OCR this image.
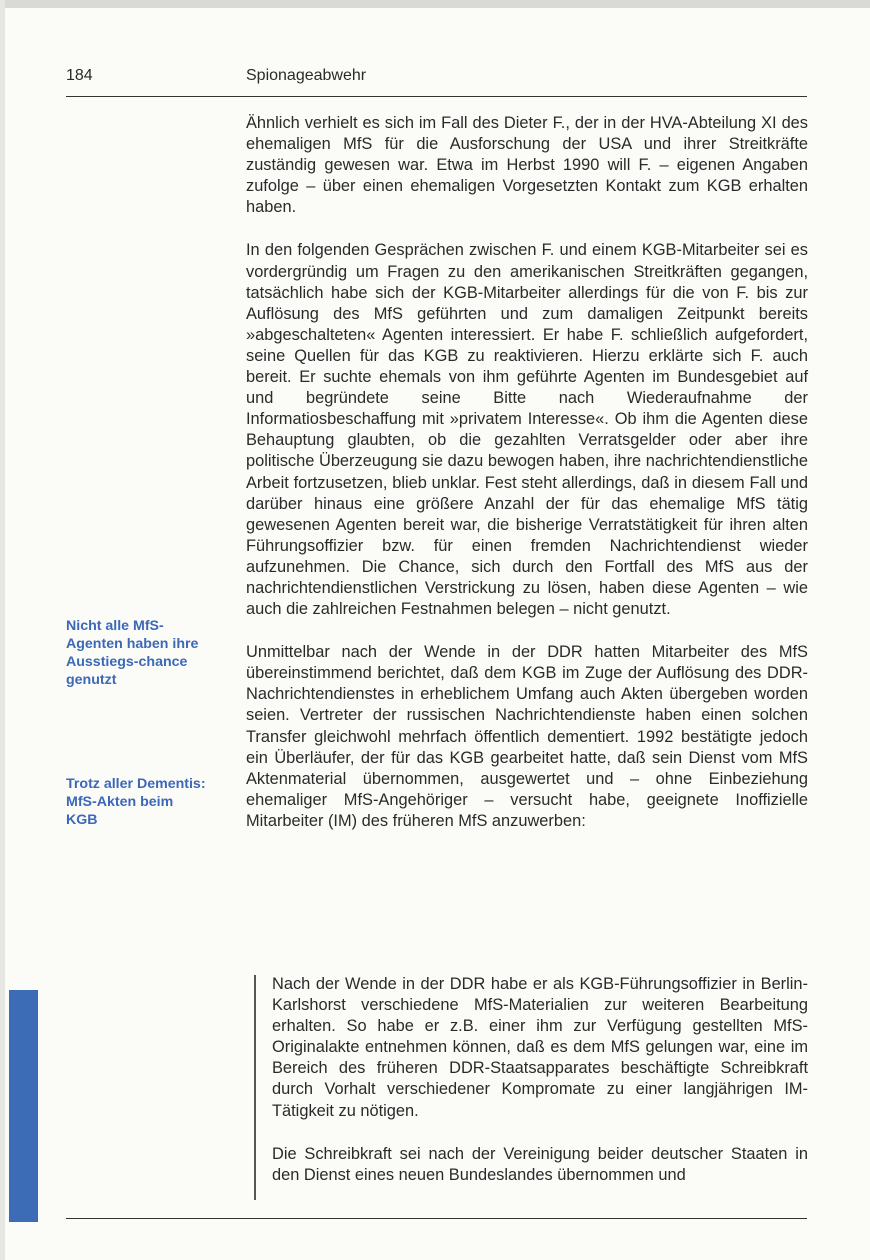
184	Spionageabwehr
Nicht alle MfS-Agenten haben ihre Ausstiegs-chance genutzt
Trotz aller Dementis: MfS-Akten beim KGB

Ähnlich verhielt es sich im Fall des Dieter F., der in der HVA-Abteilung XI des ehemaligen MfS für die Ausforschung der USA und ihrer Streitkräfte zuständig gewesen war. Etwa im Herbst 1990 will F. – eigenen Angaben zufolge – über einen ehemaligen Vorgesetzten Kontakt zum KGB erhalten haben.

In den folgenden Gesprächen zwischen F. und einem KGB-Mitarbeiter sei es vordergründig um Fragen zu den amerikanischen Streitkräften gegangen, tatsächlich habe sich der KGB-Mitarbeiter allerdings für die von F. bis zur Auflösung des MfS geführten und zum damaligen Zeitpunkt bereits »abgeschalteten« Agenten interessiert. Er habe F. schließlich aufgefordert, seine Quellen für das KGB zu reaktivieren. Hierzu erklärte sich F. auch bereit. Er suchte ehemals von ihm geführte Agenten im Bundesgebiet auf und begründete seine Bitte nach Wiederaufnahme der Informatiosbeschaffung mit »privatem Interesse«. Ob ihm die Agenten diese Behauptung glaubten, ob die gezahlten Verratsgelder oder aber ihre politische Überzeugung sie dazu bewogen haben, ihre nachrichtendienstliche Arbeit fortzusetzen, blieb unklar. Fest steht allerdings, daß in diesem Fall und darüber hinaus eine größere Anzahl der für das ehemalige MfS tätig gewesenen Agenten bereit war, die bisherige Verratstätigkeit für ihren alten Führungsoffizier bzw. für einen fremden Nachrichtendienst wieder aufzunehmen. Die Chance, sich durch den Fortfall des MfS aus der nachrichtendienstlichen Verstrickung zu lösen, haben diese Agenten – wie auch die zahlreichen Festnahmen belegen – nicht genutzt.

Unmittelbar nach der Wende in der DDR hatten Mitarbeiter des MfS übereinstimmend berichtet, daß dem KGB im Zuge der Auflösung des DDR-Nachrichtendienstes in erheblichem Umfang auch Akten übergeben worden seien. Vertreter der russischen Nachrichtendienste haben einen solchen Transfer gleichwohl mehrfach öffentlich dementiert. 1992 bestätigte jedoch ein Überläufer, der für das KGB gearbeitet hatte, daß sein Dienst vom MfS Aktenmaterial übernommen, ausgewertet und – ohne Einbeziehung ehemaliger MfS-Angehöriger – versucht habe, geeignete Inoffizielle Mitarbeiter (IM) des früheren MfS anzuwerben:

Nach der Wende in der DDR habe er als KGB-Führungsoffizier in Berlin-Karlshorst verschiedene MfS-Materialien zur weiteren Bearbeitung erhalten. So habe er z.B. einer ihm zur Verfügung gestellten MfS-Originalakte entnehmen können, daß es dem MfS gelungen war, eine im Bereich des früheren DDR-Staatsapparates beschäftigte Schreibkraft durch Vorhalt verschiedener Kompromate zu einer langjährigen IM-Tätigkeit zu nötigen.

Die Schreibkraft sei nach der Vereinigung beider deutscher Staaten in den Dienst eines neuen Bundeslandes übernommen und
